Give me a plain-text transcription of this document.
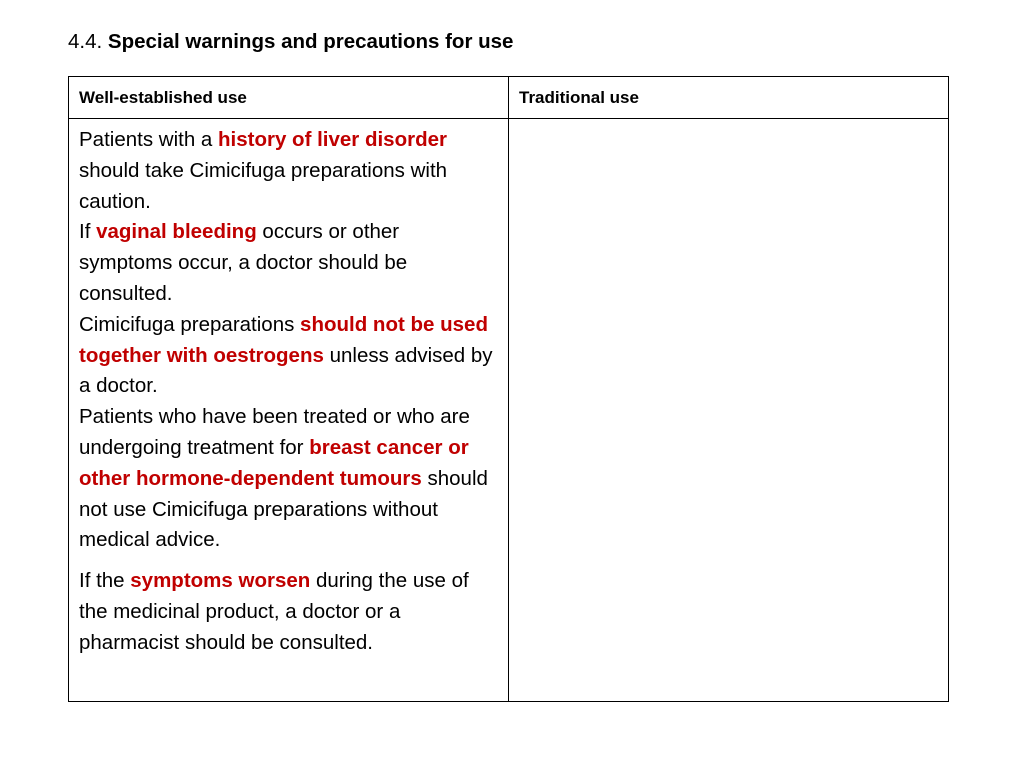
4.4. Special warnings and precautions for use
Well-established use	Traditional use

Patients with a history of liver disorder should take Cimicifuga preparations with caution.

If vaginal bleeding occurs or other symptoms occur, a doctor should be consulted.

Cimicifuga preparations should not be used together with oestrogens unless advised by a doctor.

Patients who have been treated or who are undergoing treatment for breast cancer or other hormone-dependent tumours should not use Cimicifuga preparations without medical advice.

If the symptoms worsen during the use of the medicinal product, a doctor or a pharmacist should be consulted.	
